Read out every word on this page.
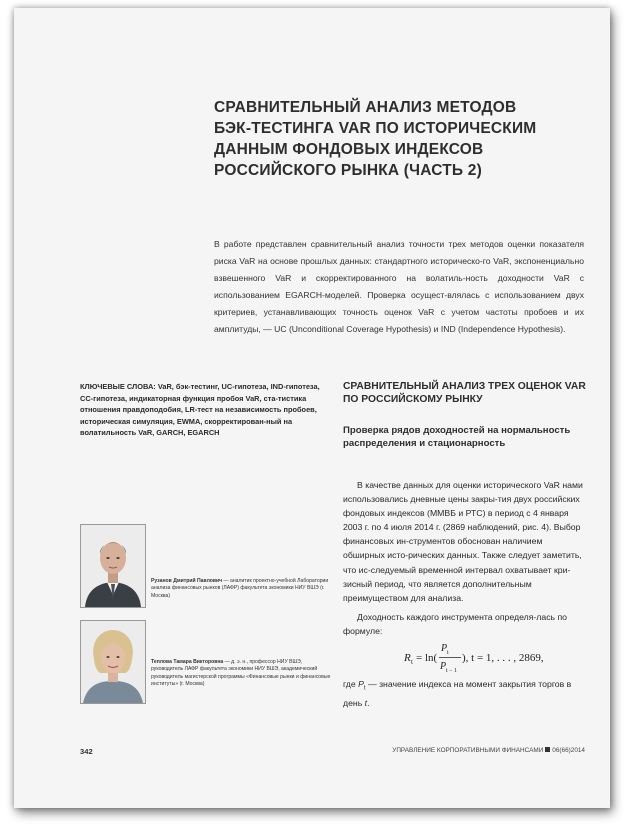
СРАВНИТЕЛЬНЫЙ АНАЛИЗ МЕТОДОВ БЭК-ТЕСТИНГА VAR ПО ИСТОРИЧЕСКИМ ДАННЫМ ФОНДОВЫХ ИНДЕКСОВ РОССИЙСКОГО РЫНКА (ЧАСТЬ 2)

В работе представлен сравнительный анализ точности трех методов оценки показателя риска VaR на основе прошлых данных: стандартного историческо-го VaR, экспоненциально взвешенного VaR и скорректированного на волатиль-ность доходности VaR с использованием EGARCH-моделей. Проверка осущест-влялась с использованием двух критериев, устанавливающих точность оценок VaR с учетом частоты пробоев и их амплитуды, — UC (Unconditional Coverage Hypothesis) и IND (Independence Hypothesis).

КЛЮЧЕВЫЕ СЛОВА: VaR, бэк-тестинг, UC-гипотеза, IND-гипотеза, CC-гипотеза, индикаторная функция пробоя VaR, ста-тистика отношения правдоподобия, LR-тест на независимость пробоев, историческая симуляция, EWMA, скорректирован-ный на волатильность VaR, GARCH, EGARCH

Рузанов Дмитрий Павлович — аналитик проектно-учебной Лаборатории анализа финансовых рынков (ЛАФР) факультета экономики НИУ ВШЭ (г. Москва)

Теплова Тамара Викторовна — д. э. н., профессор НИУ ВШЭ, руководитель ЛАФР факультета экономики НИУ ВШЭ, академический руководитель магистерской программы «Финансовые рынки и финансовые институты» (г. Москва)

СРАВНИТЕЛЬНЫЙ АНАЛИЗ ТРЕХ ОЦЕНОК VAR ПО РОССИЙСКОМУ РЫНКУ
Проверка рядов доходностей на нормальность распределения и стационарность

В качестве данных для оценки исторического VaR нами использовались дневные цены закры-тия двух российских фондовых индексов (ММВБ и РТС) в период с 4 января 2003 г. по 4 июля 2014 г. (2869 наблюдений, рис. 4). Выбор финансовых ин-струментов обоснован наличием обширных исто-рических данных. Также следует заметить, что ис-следуемый временной интервал охватывает кри-зисный период, что является дополнительным преимуществом для анализа.

Доходность каждого инструмента определя-лась по формуле:

R t = ln(
P t
P t − 1
), t = 1, . . . , 2869,

где $P_t$ — значение индекса на момент закрытия торгов в день t.

342	УПРАВЛЕНИЕ КОРПОРАТИВНЫМИ ФИНАНСАМИ 06(66)2014
